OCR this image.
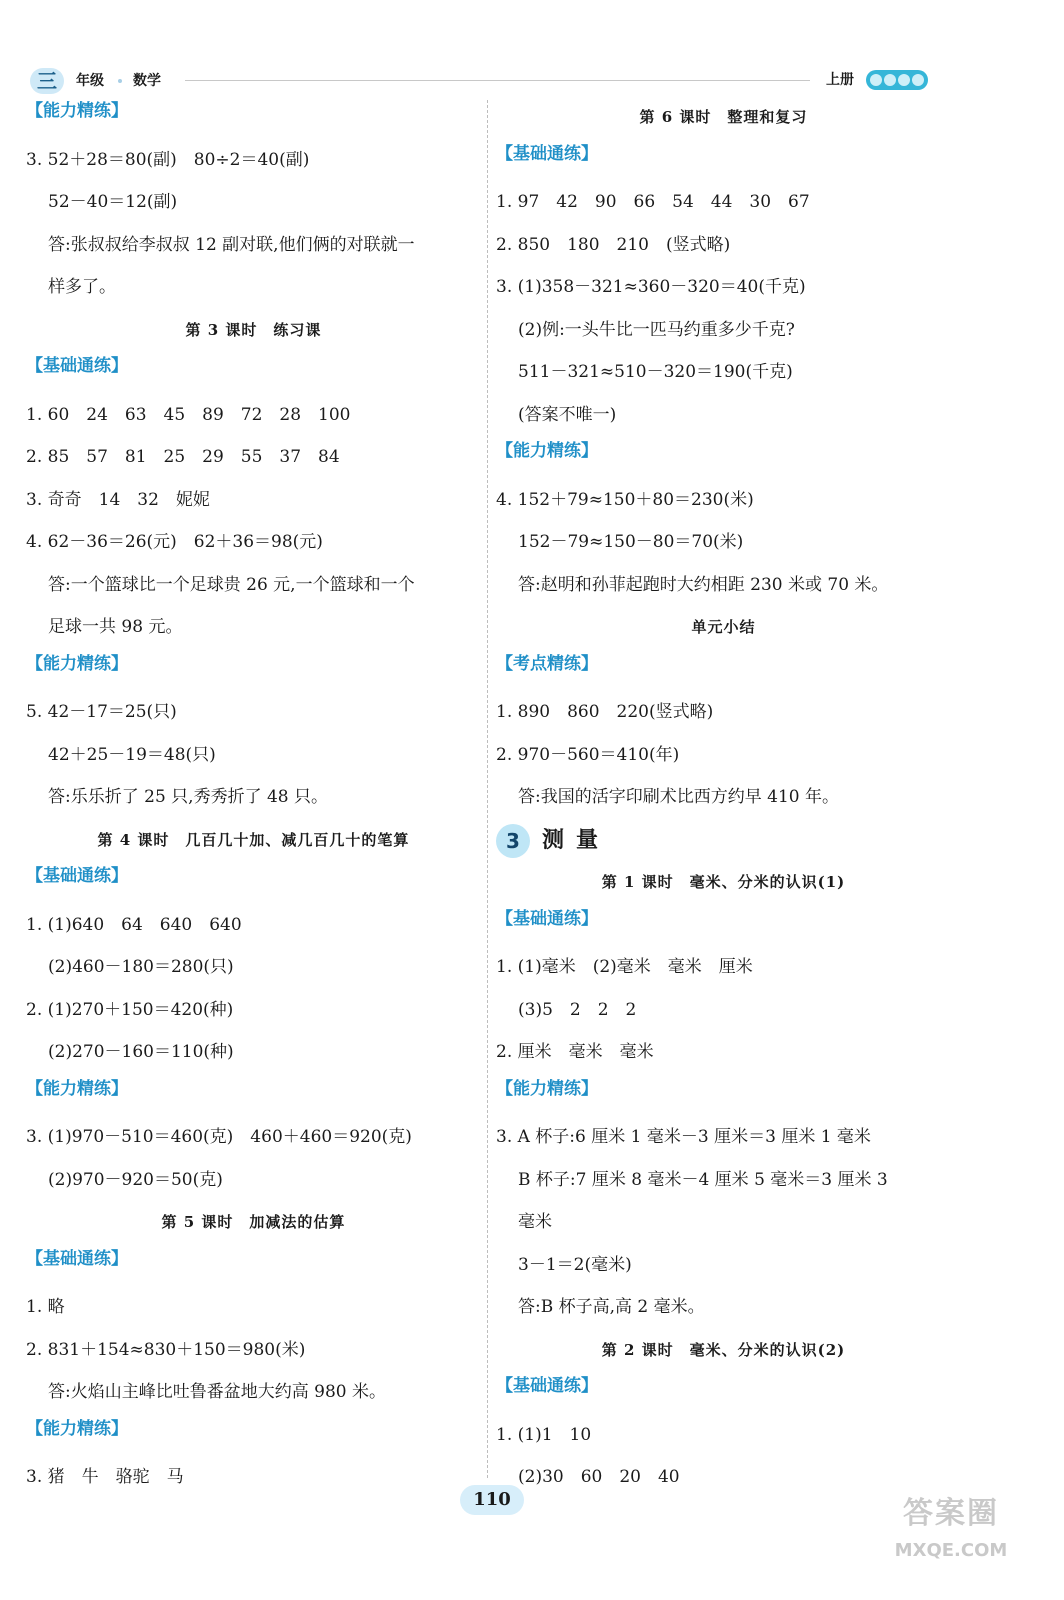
三	年级 数学	上册
【能力精练】
3. 52＋28＝80(副)　80÷2＝40(副)
52－40＝12(副)
答:张叔叔给李叔叔 12 副对联,他们俩的对联就一
样多了。
第 3 课时　练习课
【基础通练】
1. 60　24　63　45　89　72　28　100
2. 85　57　81　25　29　55　37　84
3. 奇奇　14　32　妮妮
4. 62－36＝26(元)　62＋36＝98(元)
答:一个篮球比一个足球贵 26 元,一个篮球和一个
足球一共 98 元。
【能力精练】
5. 42－17＝25(只)
42＋25－19＝48(只)
答:乐乐折了 25 只,秀秀折了 48 只。
第 4 课时　几百几十加、减几百几十的笔算
【基础通练】
1. (1)640　64　640　640
(2)460－180＝280(只)
2. (1)270＋150＝420(种)
(2)270－160＝110(种)
【能力精练】
3. (1)970－510＝460(克)　460＋460＝920(克)
(2)970－920＝50(克)
第 5 课时　加减法的估算
【基础通练】
1. 略
2. 831＋154≈830＋150＝980(米)
答:火焰山主峰比吐鲁番盆地大约高 980 米。
【能力精练】
3. 猪　牛　骆驼　马
第 6 课时　整理和复习
【基础通练】
1. 97　42　90　66　54　44　30　67
2. 850　180　210　(竖式略)
3. (1)358－321≈360－320＝40(千克)
(2)例:一头牛比一匹马约重多少千克?
511－321≈510－320＝190(千克)
(答案不唯一)
【能力精练】
4. 152＋79≈150＋80＝230(米)
152－79≈150－80＝70(米)
答:赵明和孙菲起跑时大约相距 230 米或 70 米。
单元小结
【考点精练】
1. 890　860　220(竖式略)
2. 970－560＝410(年)
答:我国的活字印刷术比西方约早 410 年。
3	测量
第 1 课时　毫米、分米的认识(1)
【基础通练】
1. (1)毫米　(2)毫米　毫米　厘米
(3)5　2　2　2
2. 厘米　毫米　毫米
【能力精练】
3. A 杯子:6 厘米 1 毫米－3 厘米＝3 厘米 1 毫米
B 杯子:7 厘米 8 毫米－4 厘米 5 毫米＝3 厘米 3
毫米
3－1＝2(毫米)
答:B 杯子高,高 2 毫米。
第 2 课时　毫米、分米的认识(2)
【基础通练】
1. (1)1　10
(2)30　60　20　40
110	答案圈
MXQE.COM
